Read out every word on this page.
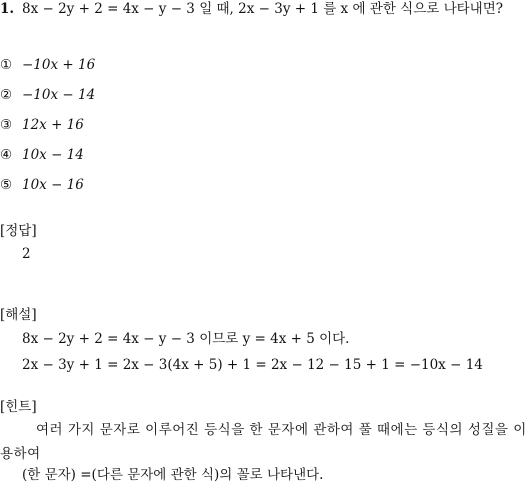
1. 8x − 2y + 2 = 4x − y − 3 일 때, 2x − 3y + 1 를 x 에 관한 식으로 나타내면?
① −10x + 16
② −10x − 14
③ 12x + 16
④ 10x − 14
⑤ 10x − 16
[정답]
2
[해설]
8x − 2y + 2 = 4x − y − 3 이므로 y = 4x + 5 이다.
2x − 3y + 1 = 2x − 3(4x + 5) + 1 = 2x − 12 − 15 + 1 = −10x − 14
[힌트]
여러 가지 문자로 이루어진 등식을 한 문자에 관하여 풀 때에는 등식의 성질을 이용하여
(한 문자) =(다른 문자에 관한 식)의 꼴로 나타낸다.
